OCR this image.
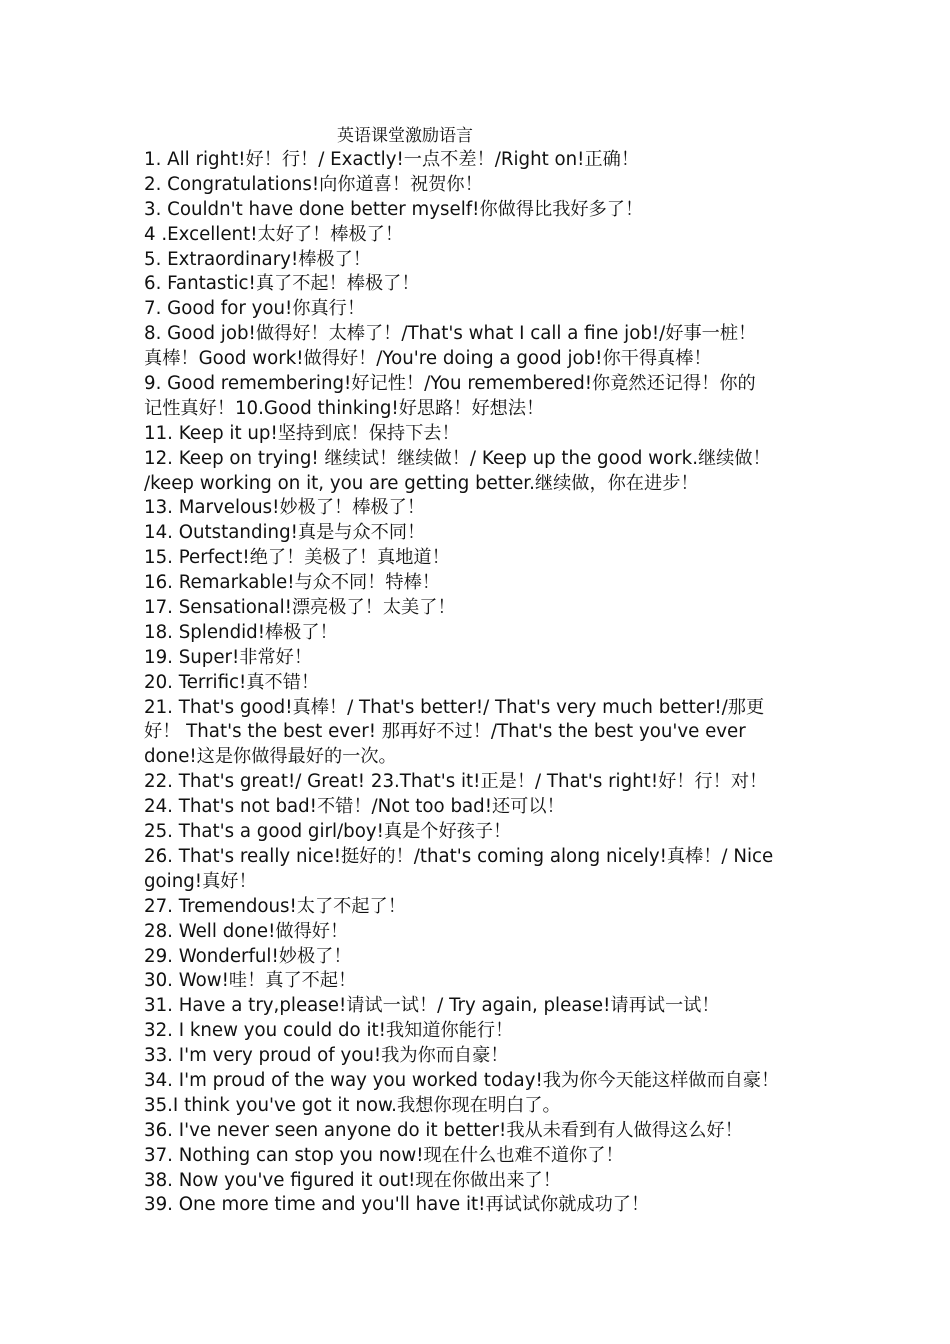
英语课堂激励语言
1. All right!好！行！/ Exactly!一点不差！/Right on!正确！
2. Congratulations!向你道喜！祝贺你！
3. Couldn't have done better myself!你做得比我好多了！
4 .Excellent!太好了！棒极了！
5. Extraordinary!棒极了！
6. Fantastic!真了不起！棒极了！
7. Good for you!你真行！
8. Good job!做得好！太棒了！/That's what I call a fine job!/好事一桩！
真棒！Good work!做得好！/You're doing a good job!你干得真棒！
9. Good remembering!好记性！/You remembered!你竟然还记得！你的
记性真好！10.Good thinking!好思路！好想法！
11. Keep it up!坚持到底！保持下去！
12. Keep on trying! 继续试！继续做！/ Keep up the good work.继续做！
/keep working on it, you are getting better.继续做，你在进步！
13. Marvelous!妙极了！棒极了！
14. Outstanding!真是与众不同！
15. Perfect!绝了！美极了！真地道！
16. Remarkable!与众不同！特棒！
17. Sensational!漂亮极了！太美了！
18. Splendid!棒极了！
19. Super!非常好！
20. Terrific!真不错！
21. That's good!真棒！/ That's better!/ That's very much better!/那更
好！ That's the best ever! 那再好不过！/That's the best you've ever
done!这是你做得最好的一次。
22. That's great!/ Great! 23.That's it!正是！/ That's right!好！行！对！
24. That's not bad!不错！/Not too bad!还可以！
25. That's a good girl/boy!真是个好孩子！
26. That's really nice!挺好的！/that's coming along nicely!真棒！/ Nice
going!真好！
27. Tremendous!太了不起了！
28. Well done!做得好！
29. Wonderful!妙极了！
30. Wow!哇！真了不起！
31. Have a try,please!请试一试！/ Try again, please!请再试一试！
32. I knew you could do it!我知道你能行！
33. I'm very proud of you!我为你而自豪！
34. I'm proud of the way you worked today!我为你今天能这样做而自豪！
35.I think you've got it now.我想你现在明白了。
36. I've never seen anyone do it better!我从未看到有人做得这么好！
37. Nothing can stop you now!现在什么也难不道你了！
38. Now you've figured it out!现在你做出来了！
39. One more time and you'll have it!再试试你就成功了！
